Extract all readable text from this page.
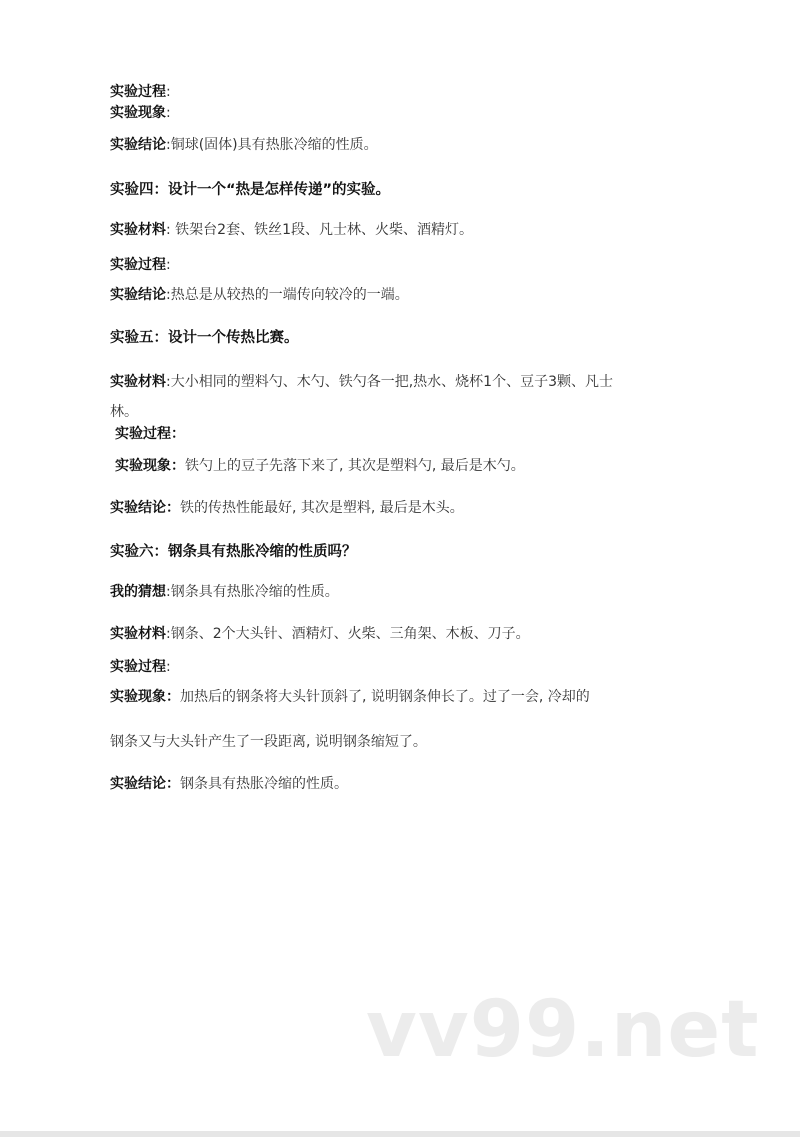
实验过程:
实验现象:
实验结论:铜球(固体)具有热胀冷缩的性质。
实验四：设计一个“热是怎样传递”的实验。
实验材料: 铁架台2套、铁丝1段、凡士林、火柴、酒精灯。
实验过程:
实验结论:热总是从较热的一端传向较冷的一端。
实验五：设计一个传热比赛。
实验材料:大小相同的塑料勺、木勺、铁勺各一把,热水、烧杯1个、豆子3颗、凡士
林。
实验过程：
实验现象：铁勺上的豆子先落下来了, 其次是塑料勺, 最后是木勺。
实验结论：铁的传热性能最好, 其次是塑料, 最后是木头。
实验六：钢条具有热胀冷缩的性质吗？
我的猜想:钢条具有热胀冷缩的性质。
实验材料:钢条、2个大头针、酒精灯、火柴、三角架、木板、刀子。
实验过程:
实验现象：加热后的钢条将大头针顶斜了, 说明钢条伸长了。过了一会, 冷却的
钢条又与大头针产生了一段距离, 说明钢条缩短了。
实验结论：钢条具有热胀冷缩的性质。
vv99.net
